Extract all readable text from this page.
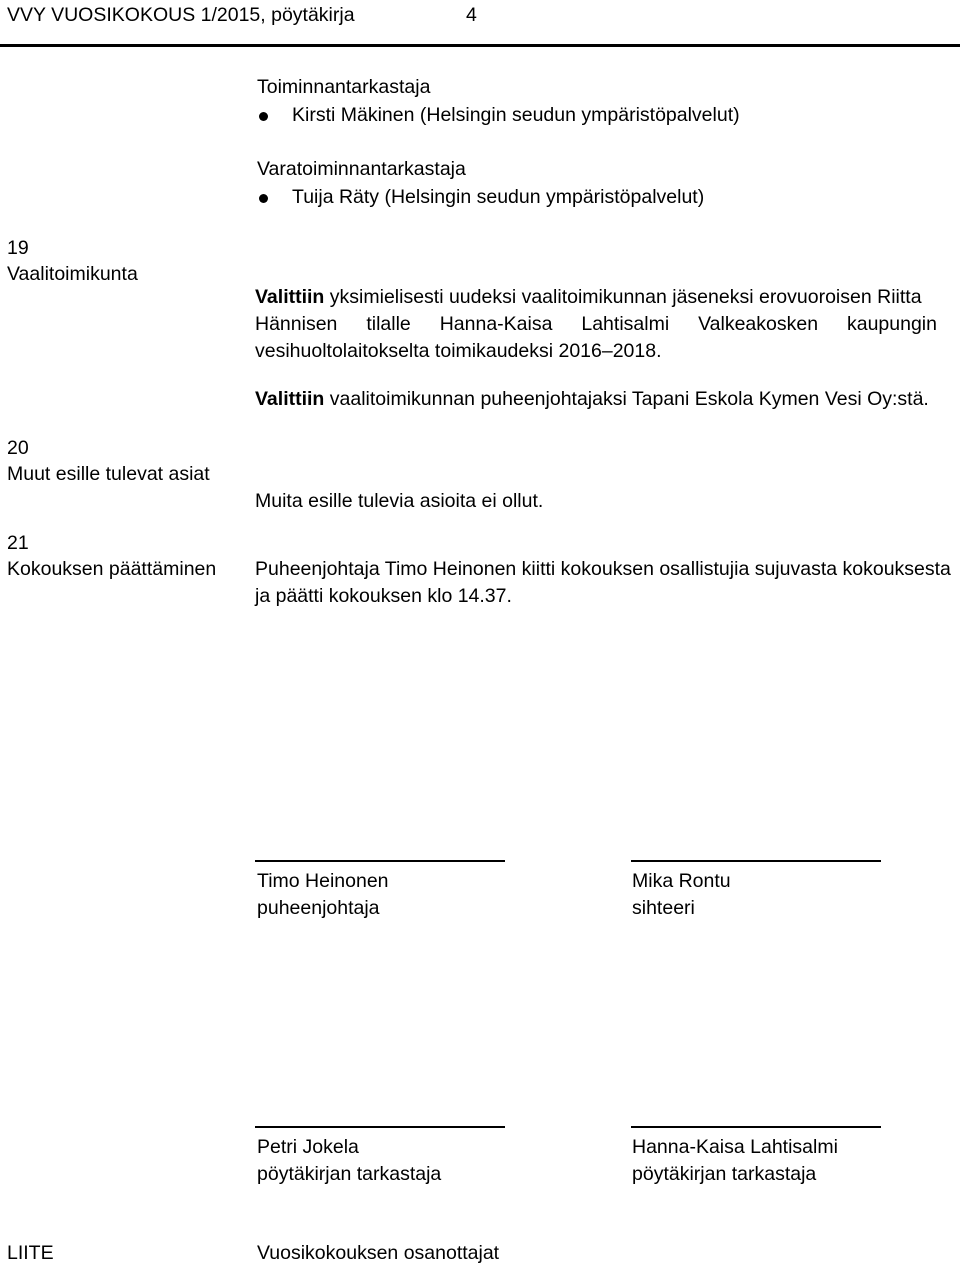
VVY VUOSIKOKOUS 1/2015, pöytäkirja	4
Toiminnantarkastaja
Kirsti Mäkinen (Helsingin seudun ympäristöpalvelut)
Varatoiminnantarkastaja
Tuija Räty (Helsingin seudun ympäristöpalvelut)
19
Vaalitoimikunta
Valittiin yksimielisesti uudeksi vaalitoimikunnan jäseneksi erovuoroisen Riitta
Hännisen tilalle Hanna-Kaisa Lahtisalmi Valkeakosken kaupungin
vesihuoltolaitokselta toimikaudeksi 2016–2018.
Valittiin vaalitoimikunnan puheenjohtajaksi Tapani Eskola Kymen Vesi Oy:stä.
20
Muut esille tulevat asiat
Muita esille tulevia asioita ei ollut.
21
Kokouksen päättäminen Puheenjohtaja Timo Heinonen kiitti kokouksen osallistujia sujuvasta kokouksesta
ja päätti kokouksen klo 14.37.
Timo Heinonen
puheenjohtaja
Mika Rontu
sihteeri
Petri Jokela
pöytäkirjan tarkastaja
Hanna-Kaisa Lahtisalmi
pöytäkirjan tarkastaja
LIITE	Vuosikokouksen osanottajat
